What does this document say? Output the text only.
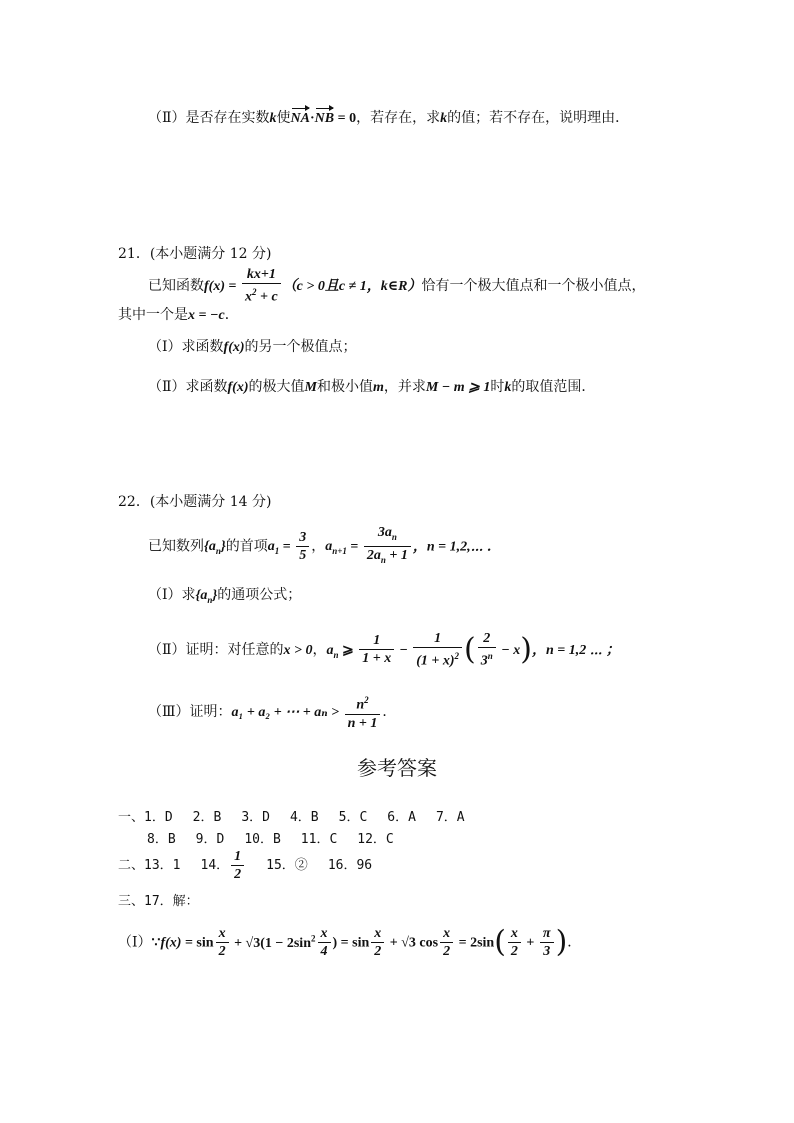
（Ⅱ）是否存在实数k使NA·NB = 0，若存在，求k的值；若不存在，说明理由．
21．(本小题满分 12 分)
已知函数$f(x) = \frac{kx+1}{x^2 + c} (c > 0$且c ≠ 1，k∈R）恰有一个极大值点和一个极小值点，
其中一个是x = −c．
（Ⅰ）求函数f(x)的另一个极值点；
（Ⅱ）求函数f(x)的极大值M和极小值m，并求M − m ⩾ 1时k的取值范围．
22．(本小题满分 14 分)
已知数列$\{a_n\}$的首项$a_1 = \frac{3}{5}$ ，$a_{n+1} = \frac{3a_n}{2a_n + 1}$ ，n = 1,2,⋯ ．
（Ⅰ）求$\{a_n\}$的通项公式；
（Ⅱ）证明：对任意的x > 0，$a_n$ ⩾ $\frac{1}{1 + x} - \frac{1}{(1 + x)^2}$ ( $\frac{2}{3^n} - x$)，n = 1,2 ⋯ ；
（Ⅲ）证明：a₁ + a₂ + ⋯ + $a_n > \frac{n^2}{n + 1}$ ．
参考答案
一、1．D 2．B 3．D 4．B 5．C 6．A 7．A
8．B 9．D 10．B 11．C 12．C
二、13．1 14． $\frac{1}{2} 15$．② 16．96
三、17．解：
（Ⅰ）∵f(x) = $\sin \frac{x}{2} + √3(1 - 2\sin^2 \frac{x}{4}$ ) = $\sin \frac{x}{2} + √3$ $\cos \frac{x}{2} = 2\sin( \frac{x}{2} + \frac{\pi}{3}$ )．
